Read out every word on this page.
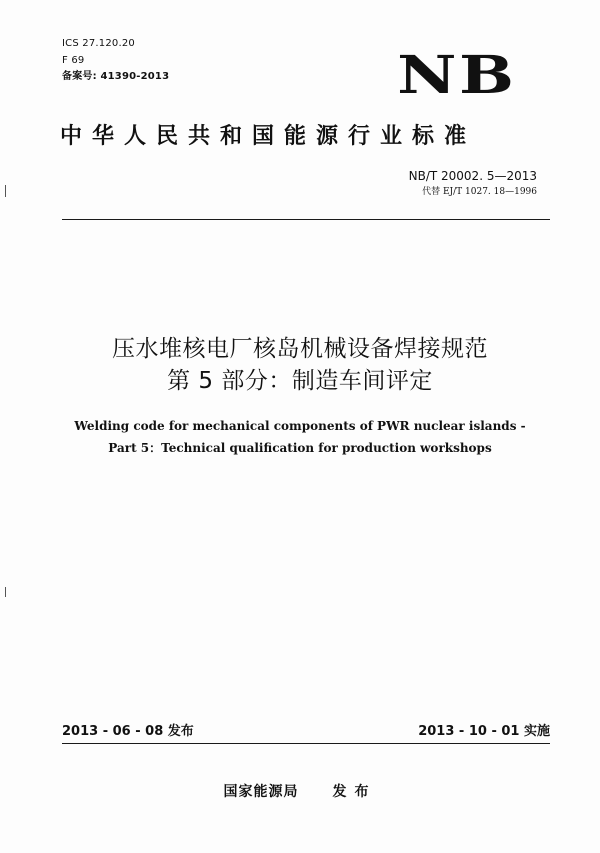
ICS 27.120.20
F 69
备案号: 41390-2013	NB
中华人民共和国能源行业标准
NB/T 20002. 5—2013
代替 EJ/T 1027. 18—1996
压水堆核电厂核岛机械设备焊接规范
第 5 部分：制造车间评定
Welding code for mechanical components of PWR nuclear islands -
Part 5：Technical qualification for production workshops
2013 - 06 - 08 发布	2013 - 10 - 01 实施
国家能源局 发布
